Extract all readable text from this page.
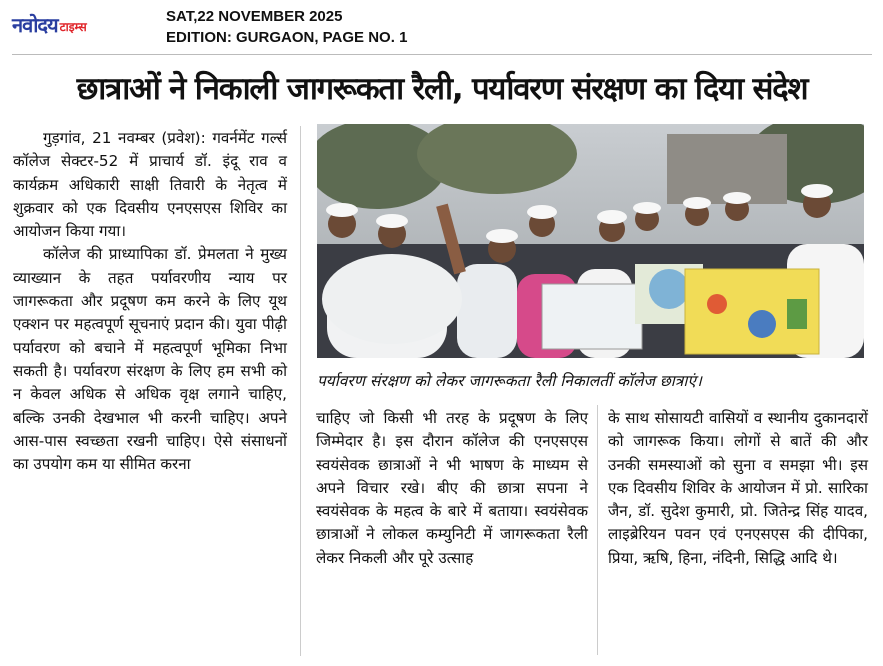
नवोदय टाइम्स
SAT,22 NOVEMBER 2025
EDITION: GURGAON, PAGE NO. 1
छात्राओं ने निकाली जागरूकता रैली, पर्यावरण संरक्षण का दिया संदेश

गुड़गांव, 21 नवम्बर (प्रवेश): गवर्नमेंट गर्ल्स कॉलेज सेक्टर-52 में प्राचार्य डॉ. इंदू राव व कार्यक्रम अधिकारी साक्षी तिवारी के नेतृत्व में शुक्रवार को एक दिवसीय एनएसएस शिविर का आयोजन किया गया।

कॉलेज की प्राध्यापिका डॉ. प्रेमलता ने मुख्य व्याख्यान के तहत पर्यावरणीय न्याय पर जागरूकता और प्रदूषण कम करने के लिए यूथ एक्शन पर महत्वपूर्ण सूचनाएं प्रदान की। युवा पीढ़ी पर्यावरण को बचाने में महत्वपूर्ण भूमिका निभा सकती है। पर्यावरण संरक्षण के लिए हम सभी को न केवल अधिक से अधिक वृक्ष लगाने चाहिए, बल्कि उनकी देखभाल भी करनी चाहिए। अपने आस-पास स्वच्छता रखनी चाहिए। ऐसे संसाधनों का उपयोग कम या सीमित करना

पर्यावरण संरक्षण को लेकर जागरूकता रैली निकालतीं कॉलेज छात्राएं।

चाहिए जो किसी भी तरह के प्रदूषण के लिए जिम्मेदार है। इस दौरान कॉलेज की एनएसएस स्वयंसेवक छात्राओं ने भी भाषण के माध्यम से अपने विचार रखे। बीए की छात्रा सपना ने स्वयंसेवक के महत्व के बारे में बताया। स्वयंसेवक छात्राओं ने लोकल कम्युनिटी में जागरूकता रैली लेकर निकली और पूरे उत्साह

के साथ सोसायटी वासियों व स्थानीय दुकानदारों को जागरूक किया। लोगों से बातें की और उनकी समस्याओं को सुना व समझा भी। इस एक दिवसीय शिविर के आयोजन में प्रो. सारिका जैन, डॉ. सुदेश कुमारी, प्रो. जितेन्द्र सिंह यादव, लाइब्रेरियन पवन एवं एनएसएस की दीपिका, प्रिया, ऋषि, हिना, नंदिनी, सिद्धि आदि थे।
